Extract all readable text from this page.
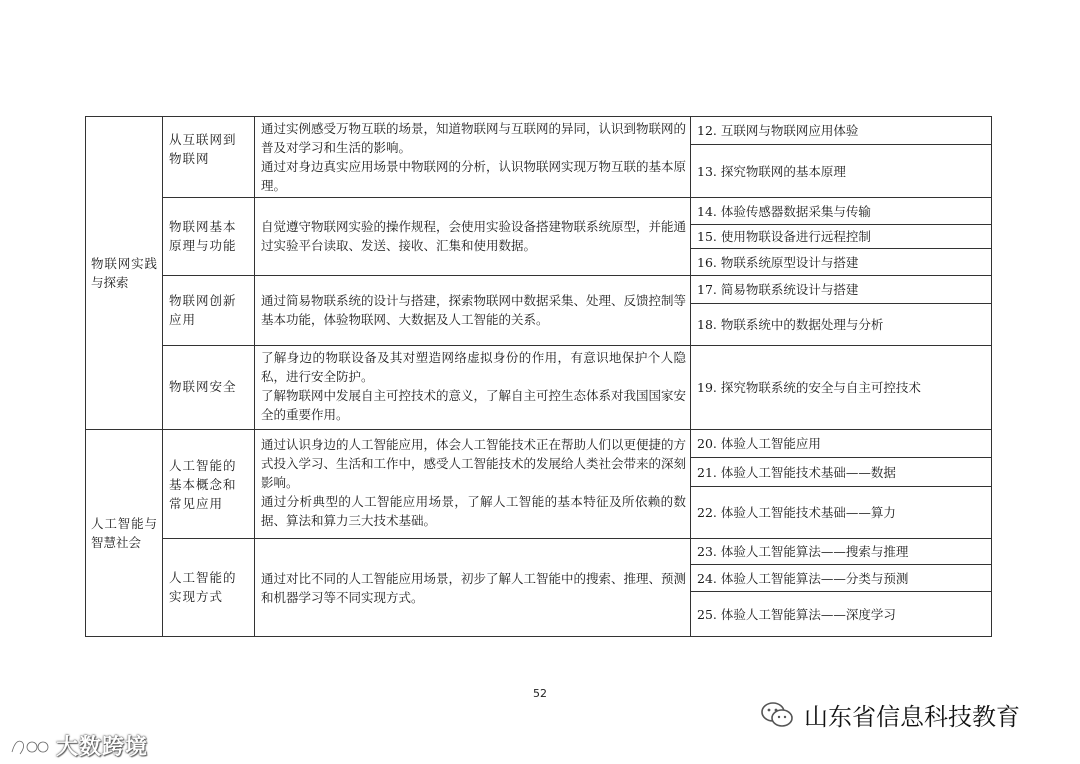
物联网实践与探索
从互联网到物联网
通过实例感受万物互联的场景，知道物联网与互联网的异同，认识到物联网的普及对学习和生活的影响。
通过对身边真实应用场景中物联网的分析，认识物联网实现万物互联的基本原理。
12. 互联网与物联网应用体验
13. 探究物联网的基本原理
物联网基本原理与功能
自觉遵守物联网实验的操作规程，会使用实验设备搭建物联系统原型，并能通过实验平台读取、发送、接收、汇集和使用数据。
14. 体验传感器数据采集与传输
15. 使用物联设备进行远程控制
16. 物联系统原型设计与搭建
物联网创新应用
通过简易物联系统的设计与搭建，探索物联网中数据采集、处理、反馈控制等基本功能，体验物联网、大数据及人工智能的关系。
17. 简易物联系统设计与搭建
18. 物联系统中的数据处理与分析
物联网安全
了解身边的物联设备及其对塑造网络虚拟身份的作用，有意识地保护个人隐私，进行安全防护。
了解物联网中发展自主可控技术的意义，了解自主可控生态体系对我国国家安全的重要作用。
19. 探究物联系统的安全与自主可控技术
人工智能与智慧社会
人工智能的基本概念和常见应用
通过认识身边的人工智能应用，体会人工智能技术正在帮助人们以更便捷的方式投入学习、生活和工作中，感受人工智能技术的发展给人类社会带来的深刻影响。
通过分析典型的人工智能应用场景，了解人工智能的基本特征及所依赖的数据、算法和算力三大技术基础。
20. 体验人工智能应用
21. 体验人工智能技术基础——数据
22. 体验人工智能技术基础——算力
人工智能的实现方式
通过对比不同的人工智能应用场景，初步了解人工智能中的搜索、推理、预测和机器学习等不同实现方式。
23. 体验人工智能算法——搜索与推理
24. 体验人工智能算法——分类与预测
25. 体验人工智能算法——深度学习
52
大数跨境
山东省信息科技教育
